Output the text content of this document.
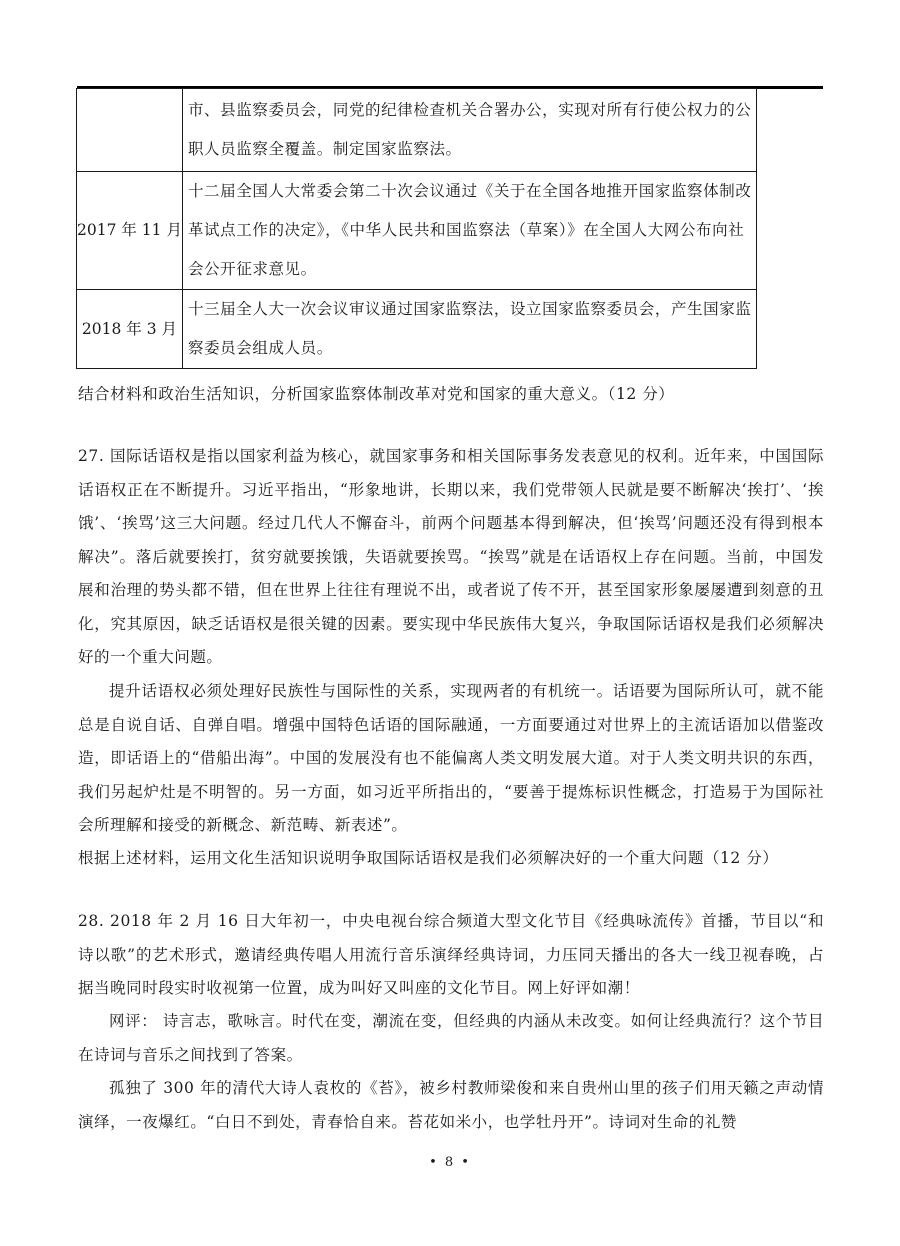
	市、县监察委员会，同党的纪律检查机关合署办公，实现对所有行使公权力的公职人员监察全覆盖。制定国家监察法。
2017 年 11 月	十二届全国人大常委会第二十次会议通过《关于在全国各地推开国家监察体制改革试点工作的决定》，《中华人民共和国监察法（草案）》在全国人大网公布向社会公开征求意见。
2018 年 3 月	十三届全人大一次会议审议通过国家监察法，设立国家监察委员会，产生国家监察委员会组成人员。

结合材料和政治生活知识，分析国家监察体制改革对党和国家的重大意义。（12 分）

27. 国际话语权是指以国家利益为核心，就国家事务和相关国际事务发表意见的权利。近年来，中国国际话语权正在不断提升。习近平指出，“形象地讲，长期以来，我们党带领人民就是要不断解决‘挨打’、‘挨饿’、‘挨骂’这三大问题。经过几代人不懈奋斗，前两个问题基本得到解决，但‘挨骂’问题还没有得到根本解决”。落后就要挨打，贫穷就要挨饿，失语就要挨骂。“挨骂”就是在话语权上存在问题。当前，中国发展和治理的势头都不错，但在世界上往往有理说不出，或者说了传不开，甚至国家形象屡屡遭到刻意的丑化，究其原因，缺乏话语权是很关键的因素。要实现中华民族伟大复兴，争取国际话语权是我们必须解决好的一个重大问题。

提升话语权必须处理好民族性与国际性的关系，实现两者的有机统一。话语要为国际所认可，就不能总是自说自话、自弹自唱。增强中国特色话语的国际融通，一方面要通过对世界上的主流话语加以借鉴改造，即话语上的“借船出海”。中国的发展没有也不能偏离人类文明发展大道。对于人类文明共识的东西，我们另起炉灶是不明智的。另一方面，如习近平所指出的，“要善于提炼标识性概念，打造易于为国际社会所理解和接受的新概念、新范畴、新表述”。

根据上述材料，运用文化生活知识说明争取国际话语权是我们必须解决好的一个重大问题（12 分）

28. 2018 年 2 月 16 日大年初一，中央电视台综合频道大型文化节目《经典咏流传》首播，节目以“和诗以歌”的艺术形式，邀请经典传唱人用流行音乐演绎经典诗词，力压同天播出的各大一线卫视春晚，占据当晚同时段实时收视第一位置，成为叫好又叫座的文化节目。网上好评如潮！

网评： 诗言志，歌咏言。时代在变，潮流在变，但经典的内涵从未改变。如何让经典流行？这个节目在诗词与音乐之间找到了答案。

孤独了 300 年的清代大诗人袁枚的《苔》，被乡村教师梁俊和来自贵州山里的孩子们用天籁之声动情演绎，一夜爆红。“白日不到处，青春恰自来。苔花如米小，也学牡丹开”。诗词对生命的礼赞

• 8 •
